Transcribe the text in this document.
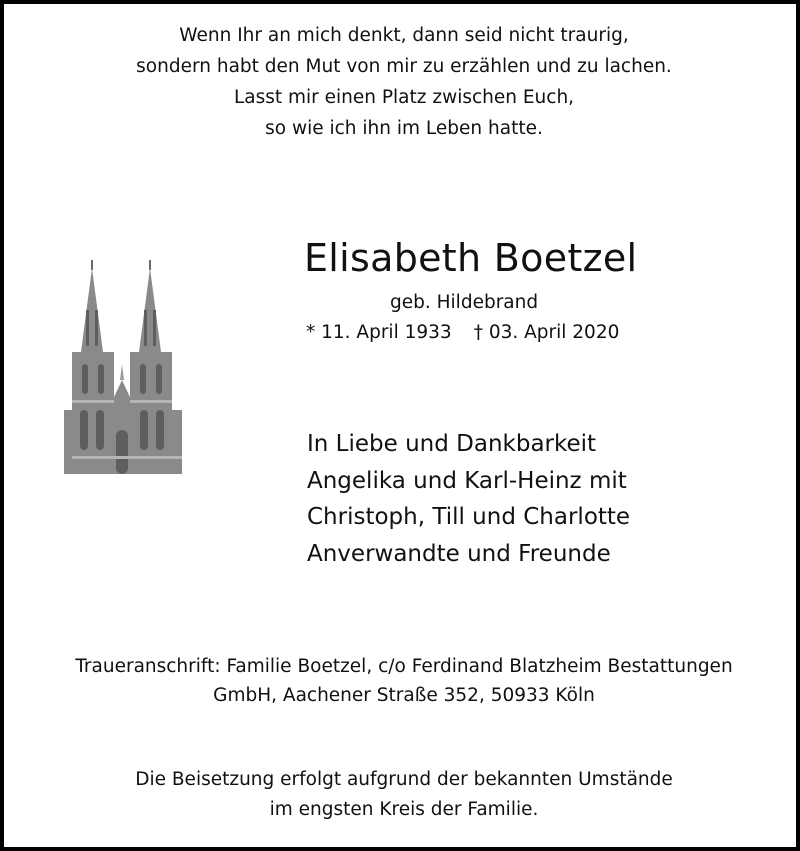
Wenn Ihr an mich denkt, dann seid nicht traurig,
sondern habt den Mut von mir zu erzählen und zu lachen.
Lasst mir einen Platz zwischen Euch,
so wie ich ihn im Leben hatte.
Elisabeth Boetzel
geb. Hildebrand
* 11. April 1933 † 03. April 2020
In Liebe und Dankbarkeit
Angelika und Karl-Heinz mit
Christoph, Till und Charlotte
Anverwandte und Freunde
Traueranschrift: Familie Boetzel, c/o Ferdinand Blatzheim Bestattungen
GmbH, Aachener Straße 352, 50933 Köln
Die Beisetzung erfolgt aufgrund der bekannten Umstände
im engsten Kreis der Familie.
